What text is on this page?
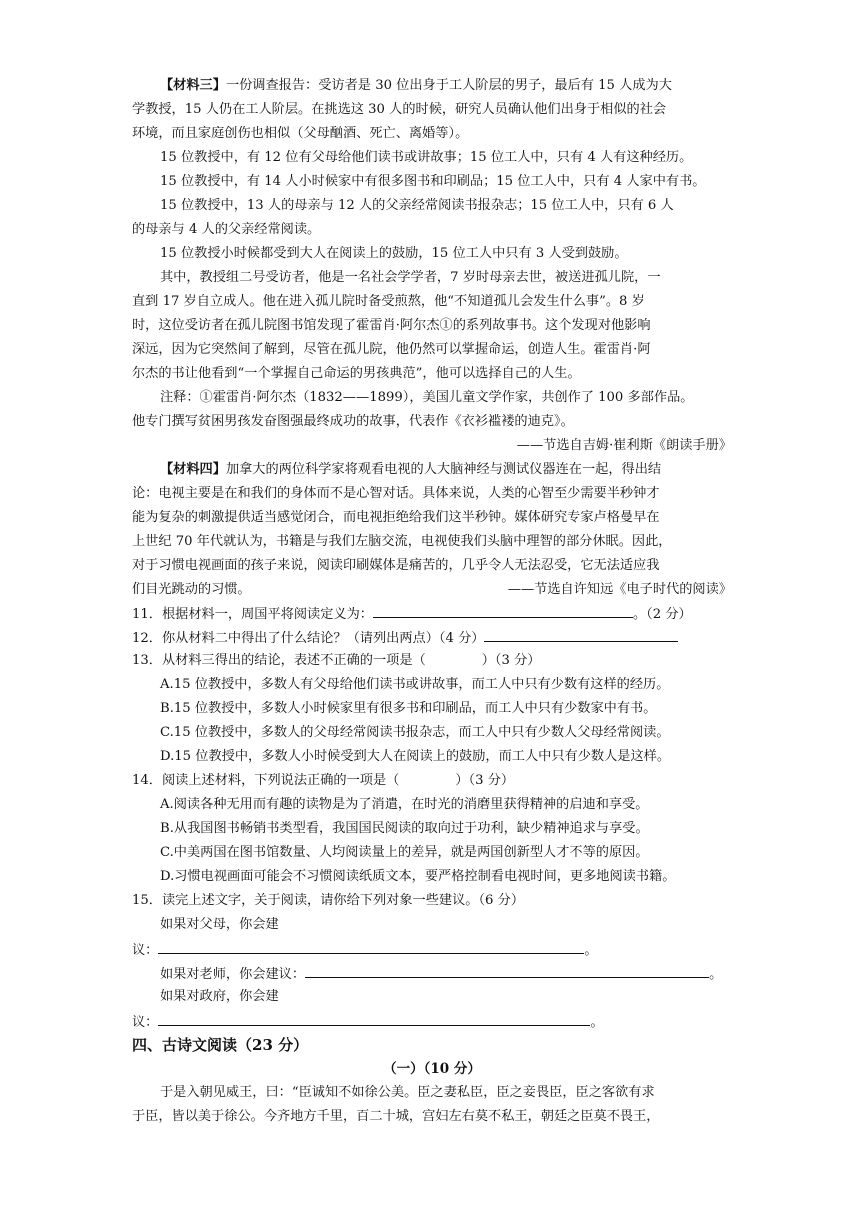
【材料三】一份调查报告：受访者是 30 位出身于工人阶层的男子，最后有 15 人成为大
学教授，15 人仍在工人阶层。在挑选这 30 人的时候，研究人员确认他们出身于相似的社会
环境，而且家庭创伤也相似（父母酗酒、死亡、离婚等）。
15 位教授中，有 12 位有父母给他们读书或讲故事；15 位工人中，只有 4 人有这种经历。
15 位教授中，有 14 人小时候家中有很多图书和印刷品；15 位工人中，只有 4 人家中有书。
15 位教授中，13 人的母亲与 12 人的父亲经常阅读书报杂志；15 位工人中，只有 6 人
的母亲与 4 人的父亲经常阅读。
15 位教授小时候都受到大人在阅读上的鼓励，15 位工人中只有 3 人受到鼓励。
其中，教授组二号受访者，他是一名社会学学者，7 岁时母亲去世，被送进孤儿院，一
直到 17 岁自立成人。他在进入孤儿院时备受煎熬，他“不知道孤儿会发生什么事”。8 岁
时，这位受访者在孤儿院图书馆发现了霍雷肖·阿尔杰①的系列故事书。这个发现对他影响
深远，因为它突然间了解到，尽管在孤儿院，他仍然可以掌握命运，创造人生。霍雷肖·阿
尔杰的书让他看到“一个掌握自己命运的男孩典范”，他可以选择自己的人生。
注释：①霍雷肖·阿尔杰（1832——1899），美国儿童文学作家，共创作了 100 多部作品。
他专门撰写贫困男孩发奋图强最终成功的故事，代表作《衣衫褴褛的迪克》。
——节选自吉姆·崔利斯《朗读手册》
【材料四】加拿大的两位科学家将观看电视的人大脑神经与测试仪器连在一起，得出结
论：电视主要是在和我们的身体而不是心智对话。具体来说，人类的心智至少需要半秒钟才
能为复杂的刺激提供适当感觉闭合，而电视拒绝给我们这半秒钟。媒体研究专家卢格曼早在
上世纪 70 年代就认为，书籍是与我们左脑交流，电视使我们头脑中理智的部分休眠。因此，
对于习惯电视画面的孩子来说，阅读印刷媒体是痛苦的，几乎令人无法忍受，它无法适应我
们目光跳动的习惯。	——节选自许知远《电子时代的阅读》
11．根据材料一，周国平将阅读定义为：	。（2 分）
12．你从材料二中得出了什么结论？（请列出两点）（4 分）
13．从材料三得出的结论，表述不正确的一项是（	）（3 分）
A.15 位教授中，多数人有父母给他们读书或讲故事，而工人中只有少数有这样的经历。
B.15 位教授中，多数人小时候家里有很多书和印刷品，而工人中只有少数家中有书。
C.15 位教授中，多数人的父母经常阅读书报杂志，而工人中只有少数人父母经常阅读。
D.15 位教授中，多数人小时候受到大人在阅读上的鼓励，而工人中只有少数人是这样。
14．阅读上述材料，下列说法正确的一项是（	）（3 分）
A.阅读各种无用而有趣的读物是为了消遣，在时光的消磨里获得精神的启迪和享受。
B.从我国图书畅销书类型看，我国国民阅读的取向过于功利，缺少精神追求与享受。
C.中美两国在图书馆数量、人均阅读量上的差异，就是两国创新型人才不等的原因。
D.习惯电视画面可能会不习惯阅读纸质文本，要严格控制看电视时间，更多地阅读书籍。
15．读完上述文字，关于阅读，请你给下列对象一些建议。（6 分）
如果对父母，你会建
议：	。
如果对老师，你会建议：	。
如果对政府，你会建
议：	。
四、古诗文阅读（23 分）
（一）（10 分）
于是入朝见威王，曰：“臣诚知不如徐公美。臣之妻私臣，臣之妾畏臣，臣之客欲有求
于臣，皆以美于徐公。今齐地方千里，百二十城，宫妇左右莫不私王，朝廷之臣莫不畏王，
